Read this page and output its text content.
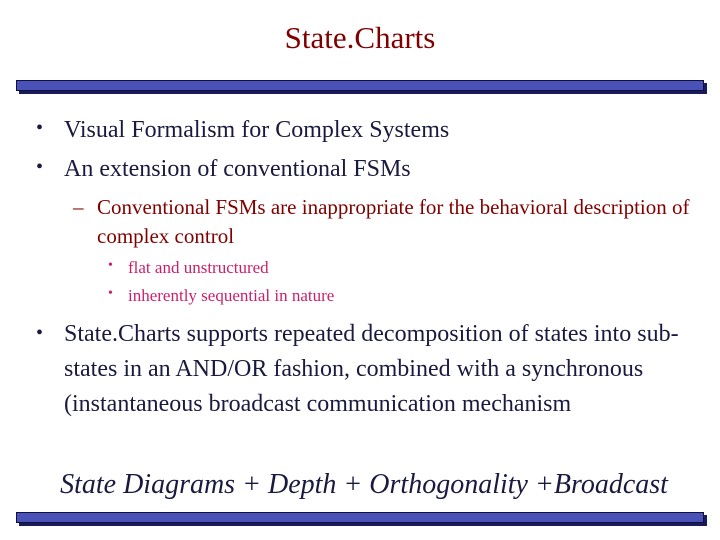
State.Charts
• Visual Formalism for Complex Systems
• An extension of conventional FSMs
– Conventional FSMs are inappropriate for the behavioral description of complex control
• flat and unstructured
• inherently sequential in nature
• State.Charts supports repeated decomposition of states into sub-states in an AND/OR fashion, combined with a synchronous (instantaneous broadcast communication mechanism
State Diagrams + Depth + Orthogonality +Broadcast
